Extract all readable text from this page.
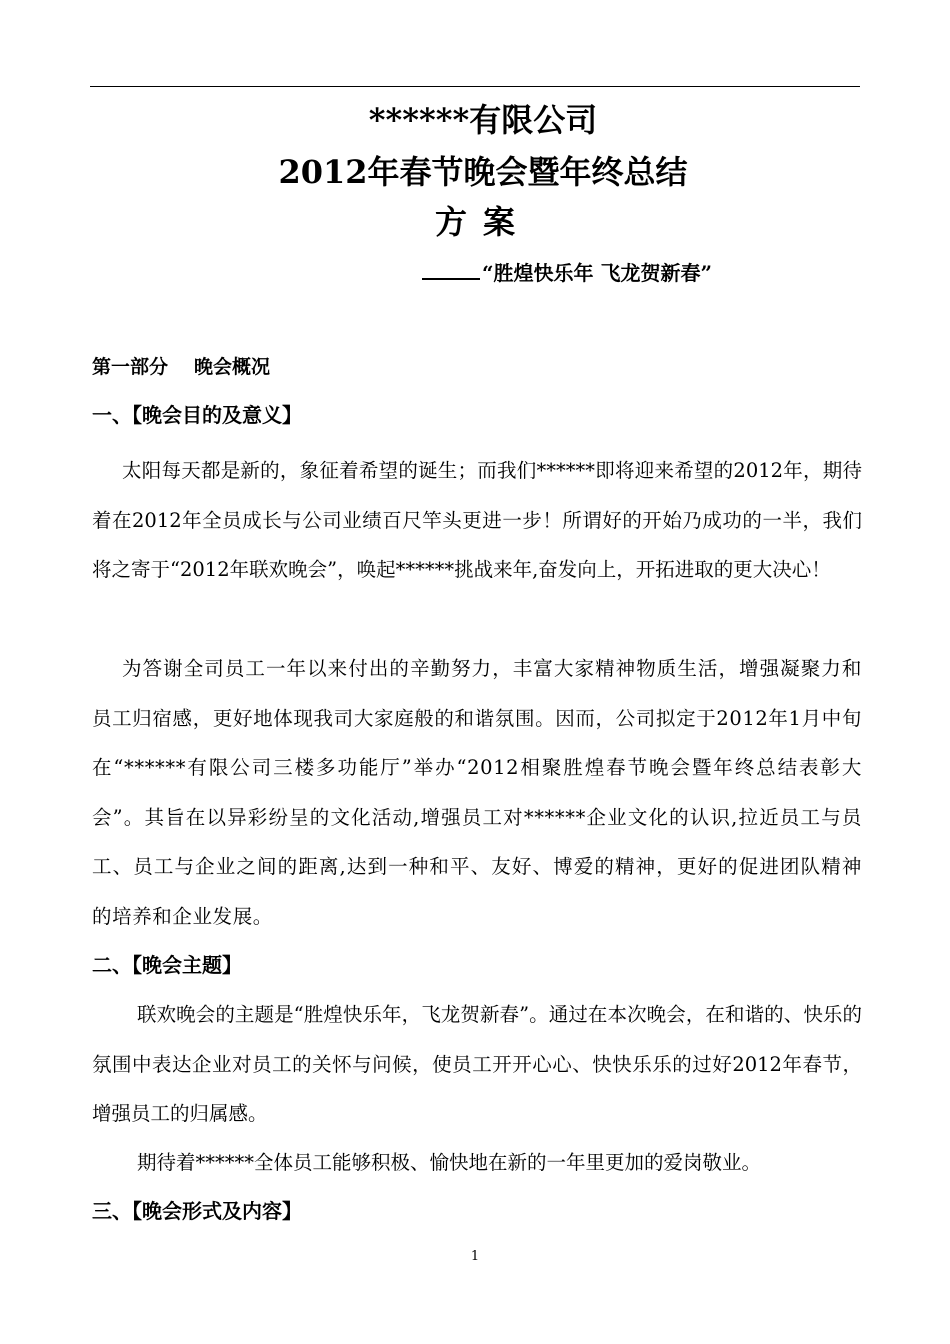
******有限公司
2012年春节晚会暨年终总结
方案
“胜煌快乐年 飞龙贺新春”
第一部分 晚会概况
一、【晚会目的及意义】

太阳每天都是新的，象征着希望的诞生；而我们******即将迎来希望的2012年，期待着在2012年全员成长与公司业绩百尺竿头更进一步！所谓好的开始乃成功的一半，我们将之寄于“2012年联欢晚会”，唤起******挑战来年,奋发向上，开拓进取的更大决心！

为答谢全司员工一年以来付出的辛勤努力，丰富大家精神物质生活，增强凝聚力和员工归宿感，更好地体现我司大家庭般的和谐氛围。因而，公司拟定于2012年1月中旬在“******有限公司三楼多功能厅”举办“2012相聚胜煌春节晚会暨年终总结表彰大会”。其旨在以异彩纷呈的文化活动,增强员工对******企业文化的认识,拉近员工与员工、员工与企业之间的距离,达到一种和平、友好、博爱的精神，更好的促进团队精神的培养和企业发展。

二、【晚会主题】

联欢晚会的主题是“胜煌快乐年，飞龙贺新春”。通过在本次晚会，在和谐的、快乐的氛围中表达企业对员工的关怀与问候，使员工开开心心、快快乐乐的过好2012年春节，增强员工的归属感。

期待着******全体员工能够积极、愉快地在新的一年里更加的爱岗敬业。

三、【晚会形式及内容】
1
